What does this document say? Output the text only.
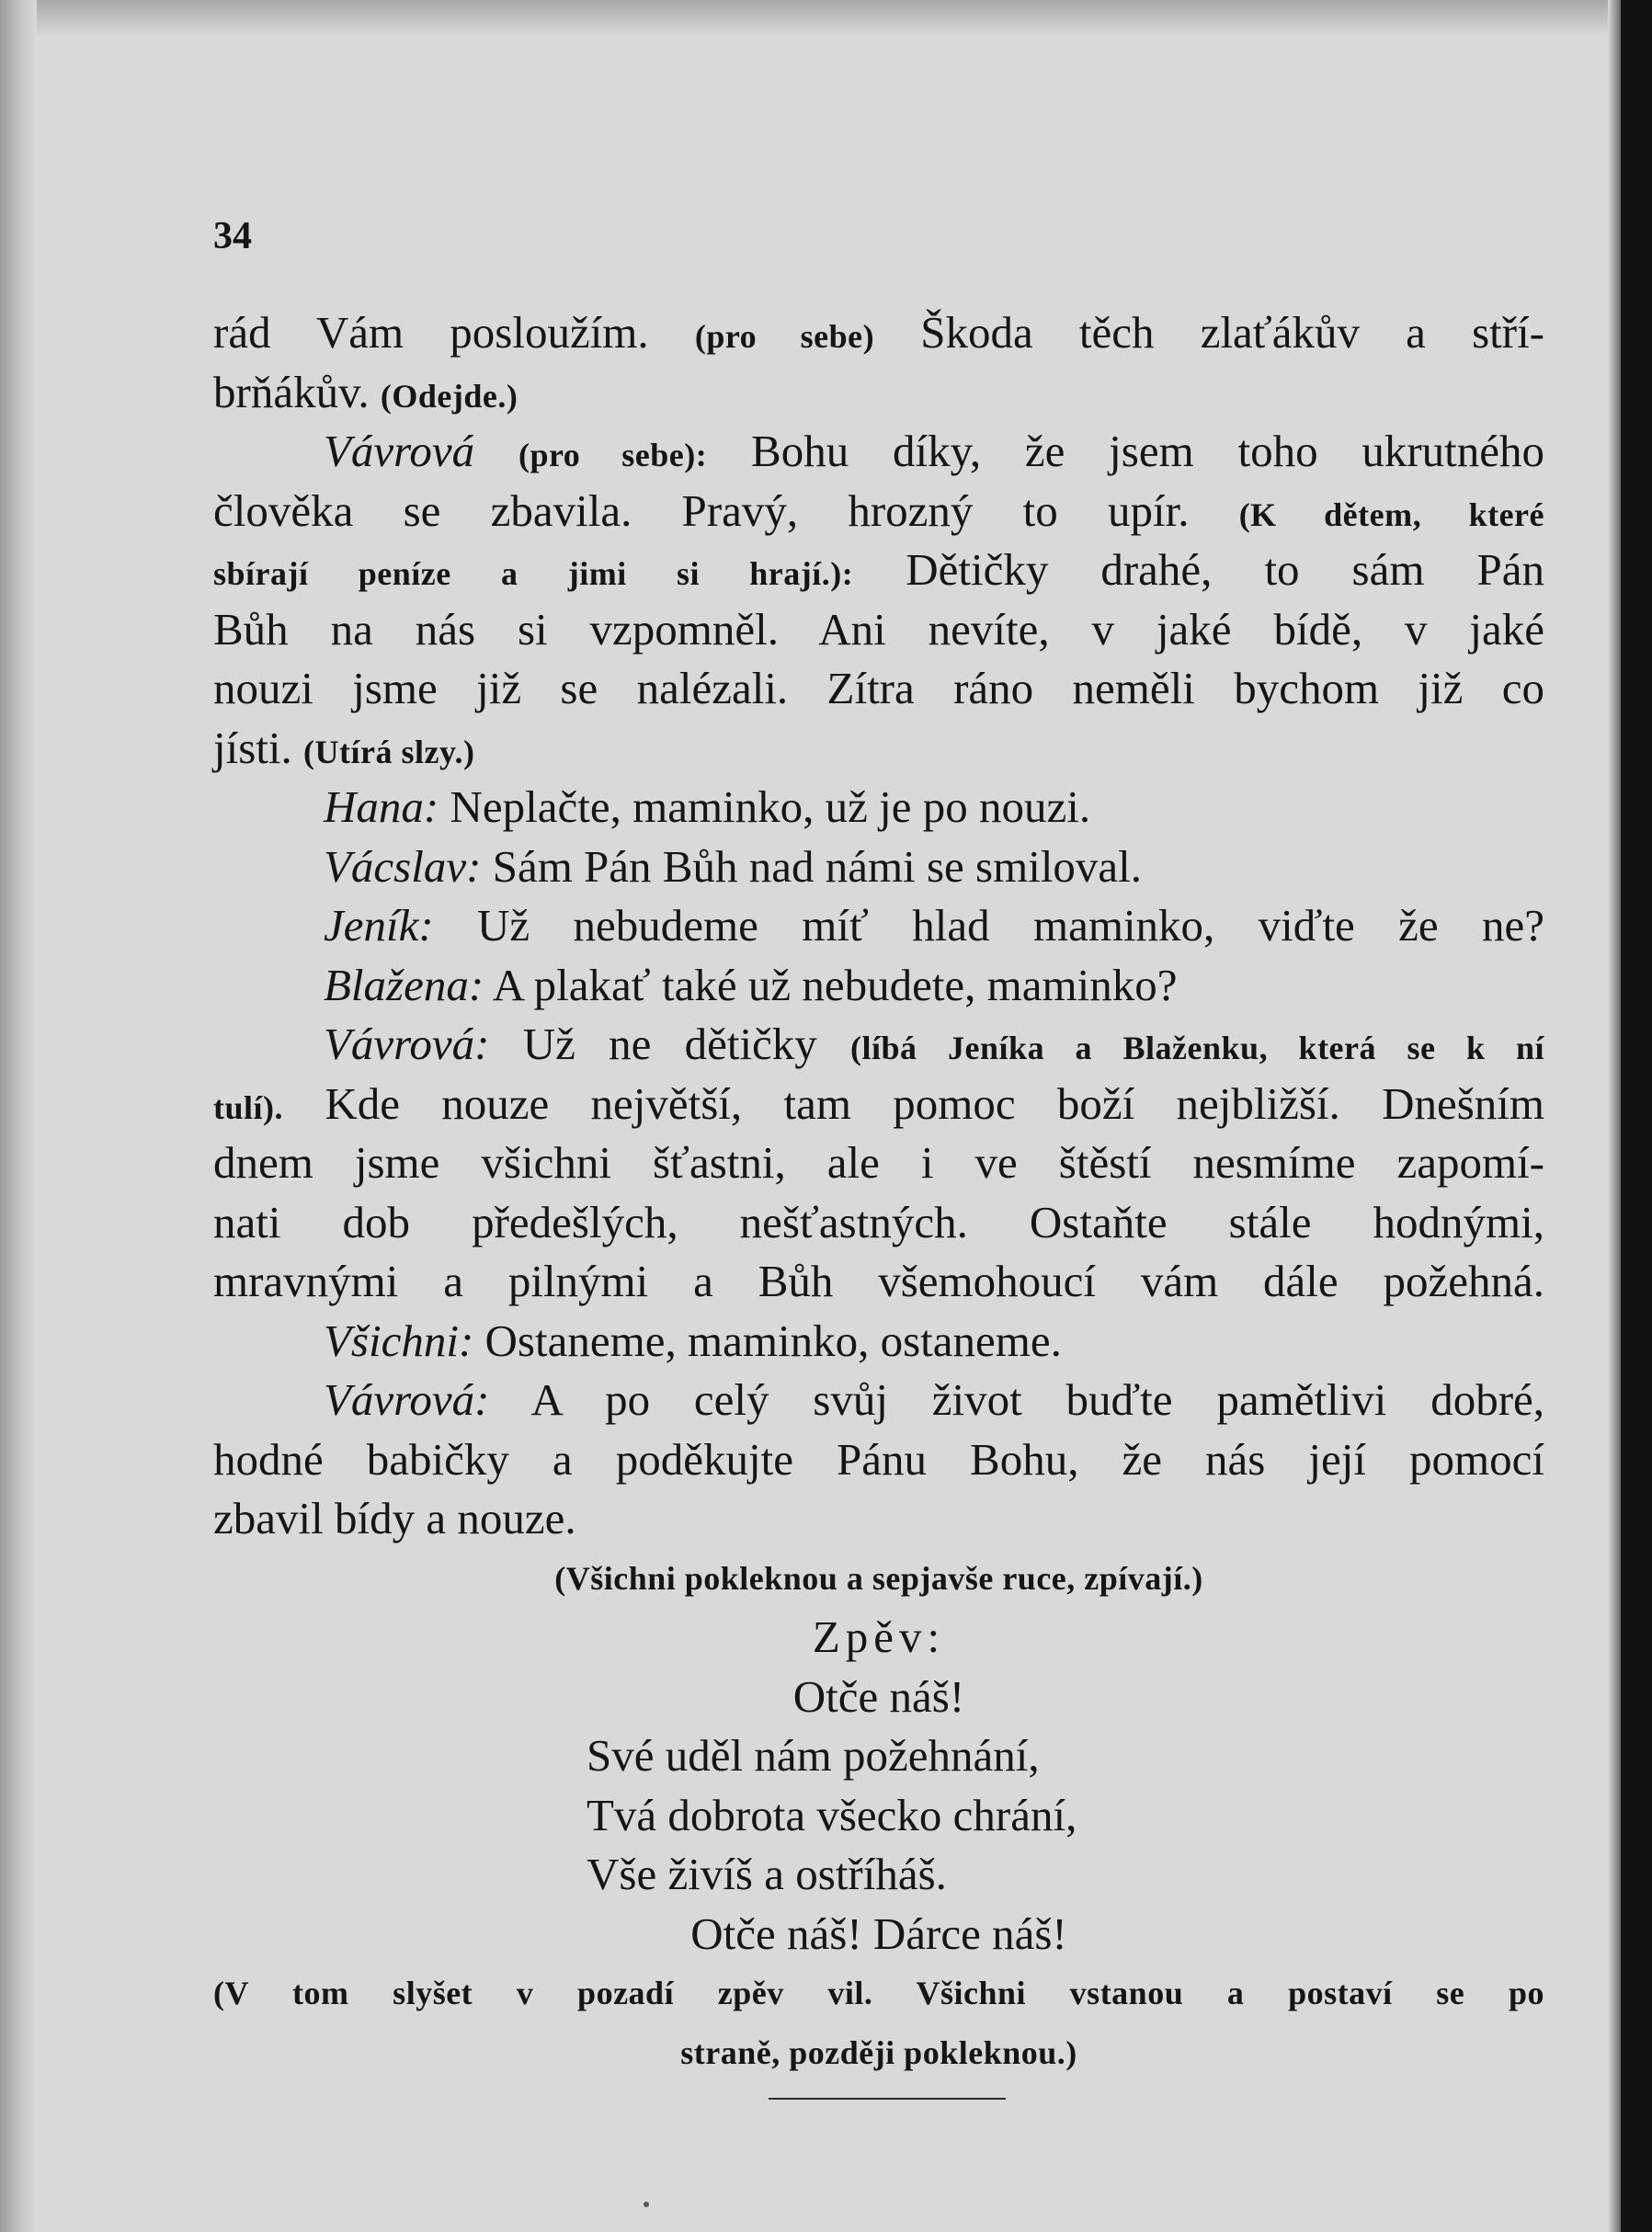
34
rád Vám posloužím. (pro sebe) Škoda těch zlaťákův a stří-
brňákův. (Odejde.)
Vávrová (pro sebe): Bohu díky, že jsem toho ukrutného
člověka se zbavila. Pravý, hrozný to upír. (K dětem, které
sbírají peníze a jimi si hrají.): Dětičky drahé, to sám Pán
Bůh na nás si vzpomněl. Ani nevíte, v jaké bídě, v jaké
nouzi jsme již se nalézali. Zítra ráno neměli bychom již co
jísti. (Utírá slzy.)
Hana: Neplačte, maminko, už je po nouzi.
Vácslav: Sám Pán Bůh nad námi se smiloval.
Jeník: Už nebudeme míť hlad maminko, viďte že ne?
Blažena: A plakať také už nebudete, maminko?
Vávrová: Už ne dětičky (líbá Jeníka a Blaženku, která se k ní
tulí). Kde nouze největší, tam pomoc boží nejbližší. Dnešním
dnem jsme všichni šťastni, ale i ve štěstí nesmíme zapomí-
nati dob předešlých, nešťastných. Ostaňte stále hodnými,
mravnými a pilnými a Bůh všemohoucí vám dále požehná.
Všichni: Ostaneme, maminko, ostaneme.
Vávrová: A po celý svůj život buďte pamětlivi dobré,
hodné babičky a poděkujte Pánu Bohu, že nás její pomocí
zbavil bídy a nouze.
(Všichni pokleknou a sepjavše ruce, zpívají.)
Zpěv:
Otče náš!
Své uděl nám požehnání,
Tvá dobrota všecko chrání,
Vše živíš a ostříháš.
Otče náš! Dárce náš!
(V tom slyšet v pozadí zpěv vil. Všichni vstanou a postaví se po
straně, později pokleknou.)
